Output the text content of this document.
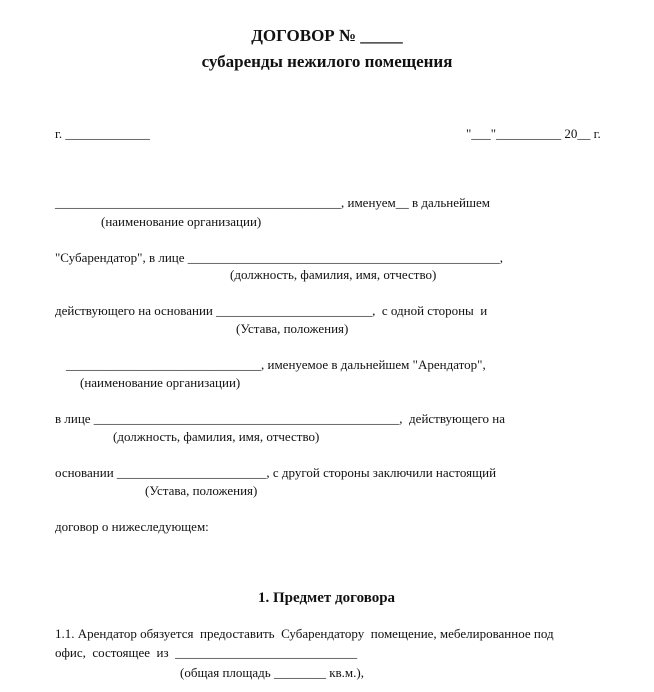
ДОГОВОР № _____
субаренды нежилого помещения
г. _____________	"___"__________ 20__ г.
____________________________________________, именуем__ в дальнейшем
(наименование организации)
"Субарендатор", в лице ________________________________________________,
(должность, фамилия, имя, отчество)
действующего на основании ________________________,  с одной стороны  и
(Устава, положения)
______________________________, именуемое в дальнейшем "Арендатор",
(наименование организации)
в лице _______________________________________________,  действующего на
(должность, фамилия, имя, отчество)
основании _______________________, с другой стороны заключили настоящий
(Устава, положения)
договор о нижеследующем:
1. Предмет договора
1.1. Арендатор обязуется  предоставить  Субарендатору  помещение, мебелированное под
офис,  состоящее  из  ____________________________
(общая площадь ________ кв.м.),
